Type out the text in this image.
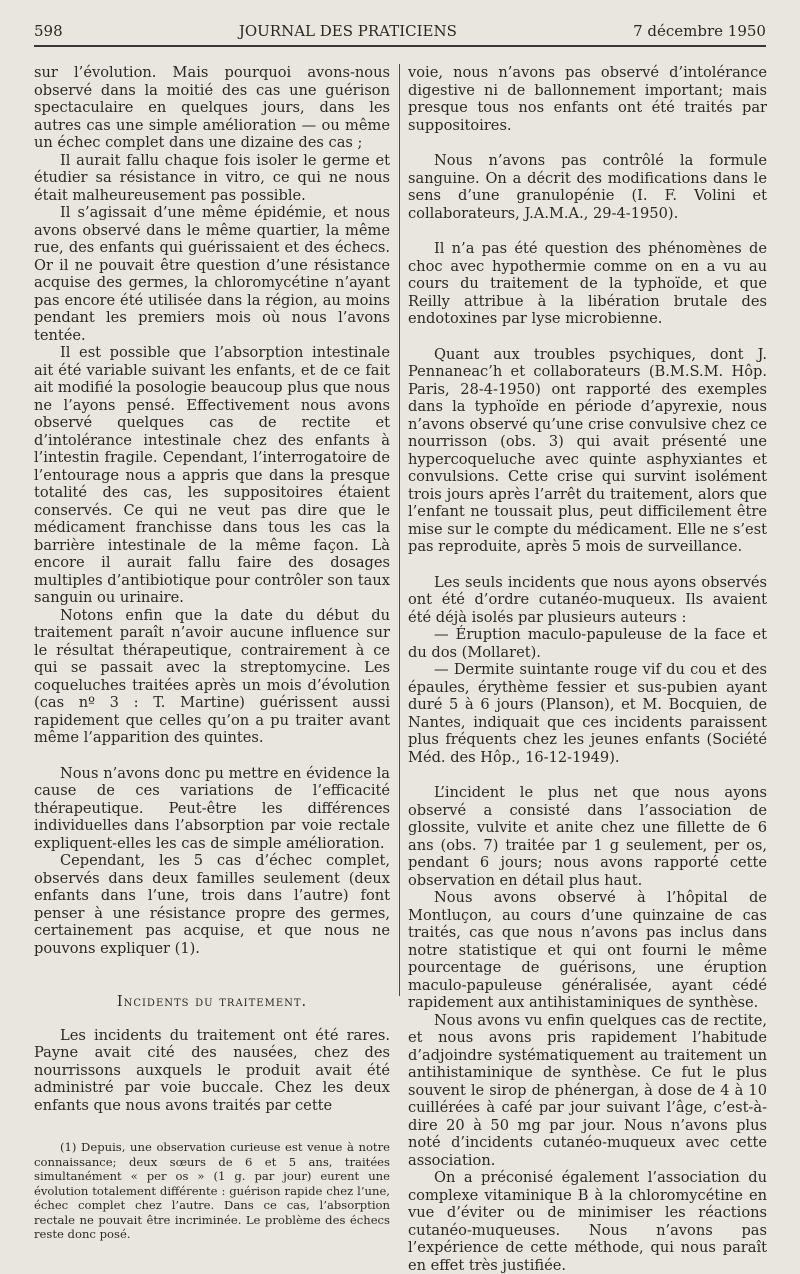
598	JOURNAL DES PRATICIENS	7 décembre 1950

sur l’évolution. Mais pourquoi avons-nous observé dans la moitié des cas une guérison spectaculaire en quelques jours, dans les autres cas une simple amélioration — ou même un échec complet dans une dizaine des cas ;

Il aurait fallu chaque fois isoler le germe et étudier sa résistance in vitro, ce qui ne nous était malheureusement pas possible.

Il s’agissait d’une même épidémie, et nous avons observé dans le même quartier, la même rue, des enfants qui guérissaient et des échecs. Or il ne pouvait être question d’une résistance acquise des germes, la chloromycétine n’ayant pas encore été utilisée dans la région, au moins pendant les premiers mois où nous l’avons tentée.

Il est possible que l’absorption intestinale ait été variable suivant les enfants, et de ce fait ait modifié la posologie beaucoup plus que nous ne l’ayons pensé. Effectivement nous avons observé quelques cas de rectite et d’intolérance intestinale chez des enfants à l’intestin fragile. Cependant, l’interrogatoire de l’entourage nous a appris que dans la presque totalité des cas, les suppositoires étaient conservés. Ce qui ne veut pas dire que le médicament franchisse dans tous les cas la barrière intestinale de la même façon. Là encore il aurait fallu faire des dosages multiples d’antibiotique pour contrôler son taux sanguin ou urinaire.

Notons enfin que la date du début du traitement paraît n’avoir aucune influence sur le résultat thérapeutique, contrairement à ce qui se passait avec la streptomycine. Les coqueluches traitées après un mois d’évolution (cas nº 3 : T. Martine) guérissent aussi rapidement que celles qu’on a pu traiter avant même l’apparition des quintes.

Nous n’avons donc pu mettre en évidence la cause de ces variations de l’efficacité thérapeutique. Peut-être les différences individuelles dans l’absorption par voie rectale expliquent-elles les cas de simple amélioration.

Cependant, les 5 cas d’échec complet, observés dans deux familles seulement (deux enfants dans l’une, trois dans l’autre) font penser à une résistance propre des germes, certainement pas acquise, et que nous ne pouvons expliquer (1).

Incidents du traitement.

Les incidents du traitement ont été rares. Payne avait cité des nausées, chez des nourrissons auxquels le produit avait été administré par voie buccale. Chez les deux enfants que nous avons traités par cette

(1) Depuis, une observation curieuse est venue à notre connaissance; deux sœurs de 6 et 5 ans, traitées simultanément « per os » (1 g. par jour) eurent une évolution totalement différente : guérison rapide chez l’une, échec complet chez l’autre. Dans ce cas, l’absorption rectale ne pouvait être incriminée. Le problème des échecs reste donc posé.

voie, nous n’avons pas observé d’intolérance digestive ni de ballonnement important; mais presque tous nos enfants ont été traités par suppositoires.

Nous n’avons pas contrôlé la formule sanguine. On a décrit des modifications dans le sens d’une granulopénie (I. F. Volini et collaborateurs, J.A.M.A., 29-4-1950).

Il n’a pas été question des phénomènes de choc avec hypothermie comme on en a vu au cours du traitement de la typhoïde, et que Reilly attribue à la libération brutale des endotoxines par lyse microbienne.

Quant aux troubles psychiques, dont J. Pennaneac’h et collaborateurs (B.M.S.M. Hôp. Paris, 28-4-1950) ont rapporté des exemples dans la typhoïde en période d’apyrexie, nous n’avons observé qu’une crise convulsive chez ce nourrisson (obs. 3) qui avait présenté une hypercoqueluche avec quinte asphyxiantes et convulsions. Cette crise qui survint isolément trois jours après l’arrêt du traitement, alors que l’enfant ne toussait plus, peut difficilement être mise sur le compte du médicament. Elle ne s’est pas reproduite, après 5 mois de surveillance.

Les seuls incidents que nous ayons observés ont été d’ordre cutanéo-muqueux. Ils avaient été déjà isolés par plusieurs auteurs :

— Éruption maculo-papuleuse de la face et du dos (Mollaret).

— Dermite suintante rouge vif du cou et des épaules, érythème fessier et sus-pubien ayant duré 5 à 6 jours (Planson), et M. Bocquien, de Nantes, indiquait que ces incidents paraissent plus fréquents chez les jeunes enfants (Société Méd. des Hôp., 16-12-1949).

L’incident le plus net que nous ayons observé a consisté dans l’association de glossite, vulvite et anite chez une fillette de 6 ans (obs. 7) traitée par 1 g seulement, per os, pendant 6 jours; nous avons rapporté cette observation en détail plus haut.

Nous avons observé à l’hôpital de Montluçon, au cours d’une quinzaine de cas traités, cas que nous n’avons pas inclus dans notre statistique et qui ont fourni le même pourcentage de guérisons, une éruption maculo-papuleuse généralisée, ayant cédé rapidement aux antihistaminiques de synthèse.

Nous avons vu enfin quelques cas de rectite, et nous avons pris rapidement l’habitude d’adjoindre systématiquement au traitement un antihistaminique de synthèse. Ce fut le plus souvent le sirop de phénergan, à dose de 4 à 10 cuillérées à café par jour suivant l’âge, c’est-à-dire 20 à 50 mg par jour. Nous n’avons plus noté d’incidents cutanéo-muqueux avec cette association.

On a préconisé également l’association du complexe vitaminique B à la chloromycétine en vue d’éviter ou de minimiser les réactions cutanéo-muqueuses. Nous n’avons pas l’expérience de cette méthode, qui nous paraît en effet très justifiée.
